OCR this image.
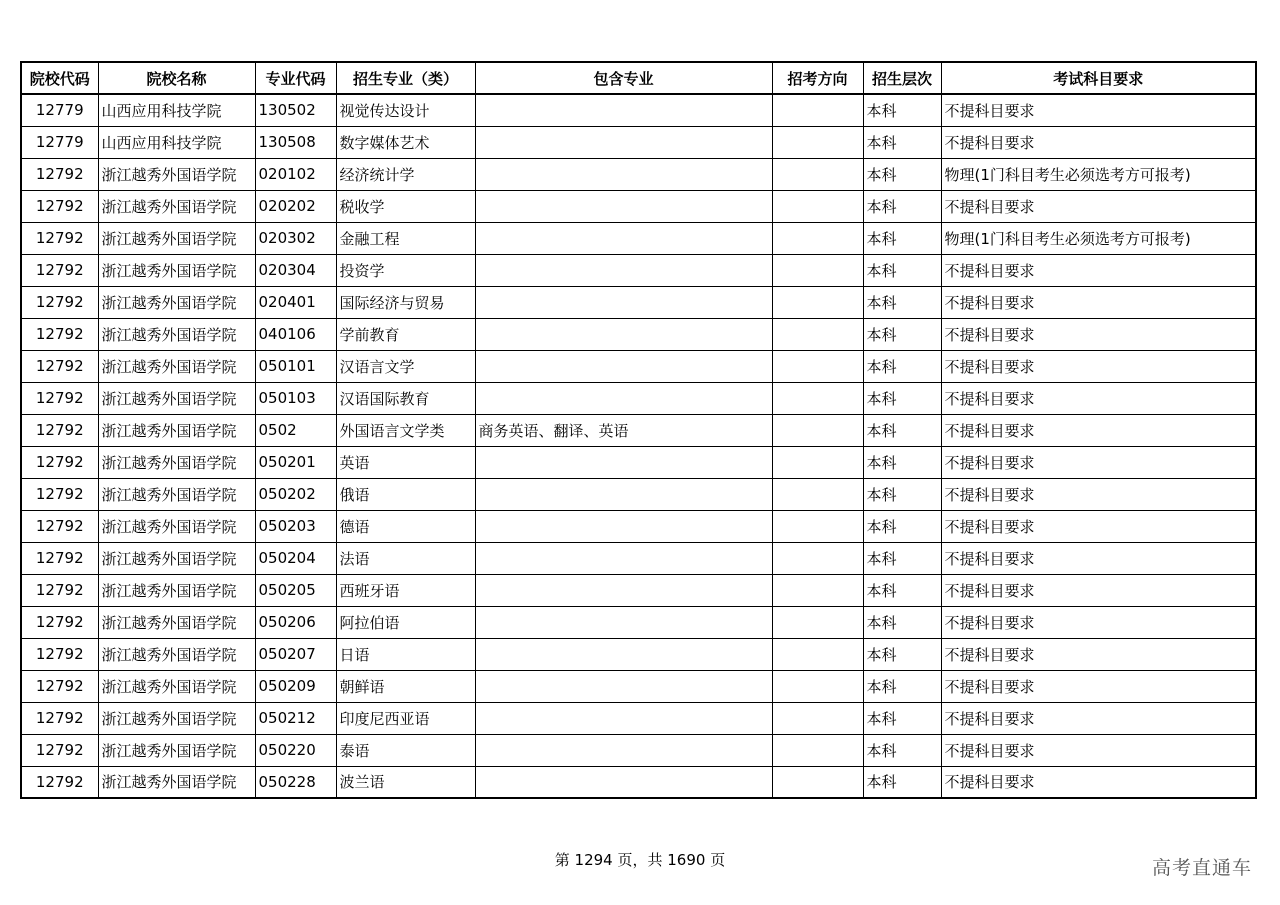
院校代码	院校名称	专业代码	招生专业（类）	包含专业	招考方向	招生层次	考试科目要求
12779	山西应用科技学院	130502	视觉传达设计			本科	不提科目要求
12779	山西应用科技学院	130508	数字媒体艺术			本科	不提科目要求
12792	浙江越秀外国语学院	020102	经济统计学			本科	物理(1门科目考生必须选考方可报考)
12792	浙江越秀外国语学院	020202	税收学			本科	不提科目要求
12792	浙江越秀外国语学院	020302	金融工程			本科	物理(1门科目考生必须选考方可报考)
12792	浙江越秀外国语学院	020304	投资学			本科	不提科目要求
12792	浙江越秀外国语学院	020401	国际经济与贸易			本科	不提科目要求
12792	浙江越秀外国语学院	040106	学前教育			本科	不提科目要求
12792	浙江越秀外国语学院	050101	汉语言文学			本科	不提科目要求
12792	浙江越秀外国语学院	050103	汉语国际教育			本科	不提科目要求
12792	浙江越秀外国语学院	0502	外国语言文学类	商务英语、翻译、英语		本科	不提科目要求
12792	浙江越秀外国语学院	050201	英语			本科	不提科目要求
12792	浙江越秀外国语学院	050202	俄语			本科	不提科目要求
12792	浙江越秀外国语学院	050203	德语			本科	不提科目要求
12792	浙江越秀外国语学院	050204	法语			本科	不提科目要求
12792	浙江越秀外国语学院	050205	西班牙语			本科	不提科目要求
12792	浙江越秀外国语学院	050206	阿拉伯语			本科	不提科目要求
12792	浙江越秀外国语学院	050207	日语			本科	不提科目要求
12792	浙江越秀外国语学院	050209	朝鲜语			本科	不提科目要求
12792	浙江越秀外国语学院	050212	印度尼西亚语			本科	不提科目要求
12792	浙江越秀外国语学院	050220	泰语			本科	不提科目要求
12792	浙江越秀外国语学院	050228	波兰语			本科	不提科目要求
第 1294 页，共 1690 页	高考直通车
